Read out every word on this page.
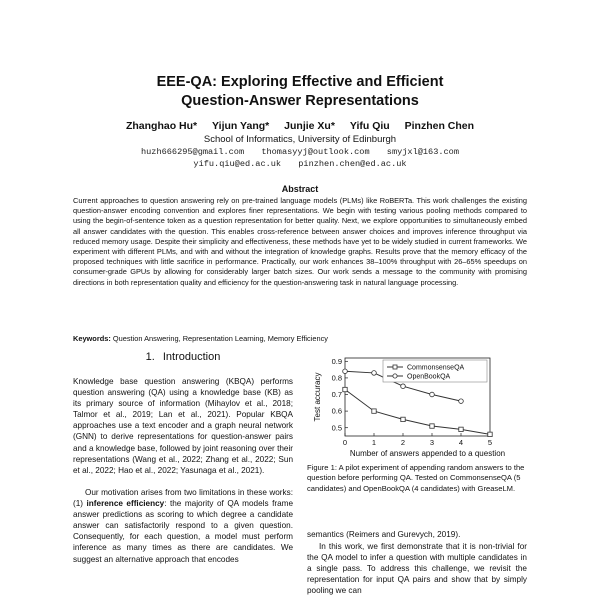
EEE-QA: Exploring Effective and Efficient
Question-Answer Representations
Zhanghao Hu* Yijun Yang* Junjie Xu* Yifu Qiu Pinzhen Chen
School of Informatics, University of Edinburgh
huzh666295@gmail.com thomasyyj@outlook.com smyjxl@163.com
yifu.qiu@ed.ac.uk pinzhen.chen@ed.ac.uk
Abstract

Current approaches to question answering rely on pre-trained language models (PLMs) like RoBERTa. This work challenges the existing question-answer encoding convention and explores finer representations. We begin with testing various pooling methods compared to using the begin-of-sentence token as a question representation for better quality. Next, we explore opportunities to simultaneously embed all answer candidates with the question. This enables cross-reference between answer choices and improves inference throughput via reduced memory usage. Despite their simplicity and effectiveness, these methods have yet to be widely studied in current frameworks. We experiment with different PLMs, and with and without the integration of knowledge graphs. Results prove that the memory efficacy of the proposed techniques with little sacrifice in performance. Practically, our work enhances 38–100% throughput with 26–65% speedups on consumer-grade GPUs by allowing for considerably larger batch sizes. Our work sends a message to the community with promising directions in both representation quality and efficiency for the question-answering task in natural language processing.

Keywords: Question Answering, Representation Learning, Memory Efficiency
1. Introduction

Knowledge base question answering (KBQA) performs question answering (QA) using a knowledge base (KB) as its primary source of information (Mihaylov et al., 2018; Talmor et al., 2019; Lan et al., 2021). Popular KBQA approaches use a text encoder and a graph neural network (GNN) to derive representations for question-answer pairs and a knowledge base, followed by joint reasoning over their representations (Wang et al., 2022; Zhang et al., 2022; Sun et al., 2022; Hao et al., 2022; Yasunaga et al., 2021).

Our motivation arises from two limitations in these works: (1) inference efficiency: the majority of QA models frame answer predictions as scoring to which degree a candidate answer can satisfactorily respond to a given question. Consequently, for each question, a model must perform inference as many times as there are candidates. We suggest an alternative approach that encodes

0	1	2	3	4	5
0.5
0.6
0.7
0.8
0.9
Number of answers appended to a question
Test accuracy
CommonsenseQA
OpenBookQA
Figure 1: A pilot experiment of appending random answers to the question before performing QA. Tested on CommonsenseQA (5 candidates) and OpenBookQA (4 candidates) with GreaseLM.

semantics (Reimers and Gurevych, 2019).

In this work, we first demonstrate that it is non-trivial for the QA model to infer a question with multiple candidates in a single pass. To address this challenge, we revisit the representation for input QA pairs and show that by simply pooling we can
